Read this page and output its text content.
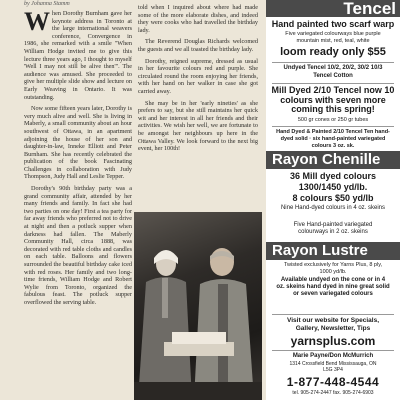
by Johanna Stamm

When Dorothy Burnham gave her keynote address in Toronto at the large international weavers conference, Convergence in 1986, she remarked with a smile "When William Hodge invited me to give this lecture three years ago, I thought to myself 'Well I may not still be alive then'". The audience was amused. She proceeded to give her multiple slide show and lecture on Early Weaving in Ontario. It was outstanding.

Now some fifteen years later, Dorothy is very much alive and well. She is living in Maberly, a small community about an hour southwest of Ottawa, in an apartment adjoining the house of her son and daughter-in-law, Inneke Elliott and Peter Burnham. She has recently celebrated the publication of the book Fascinating Challenges in collaboration with Judy Thompson, Judy Hall and Leslie Tepper.

Dorothy's 90th birthday party was a grand community affair, attended by her many friends and family. In fact she had two parties on one day! First a tea party for far away friends who preferred not to drive at night and then a potluck supper when darkness had fallen. The Maberly Community Hall, circa 1888, was decorated with red table cloths and candles on each table. Balloons and flowers surrounded the beautiful birthday cake iced with red roses. Her family and two long-time friends, William Hodge and Robert Wylie from Toronto, organized the fabulous feast. The potluck supper overflowed the serving table.

told when I inquired about where had made some of the more elaborate dishes, and indeed they were cooks who had travelled the birthday lady.

The Reverend Douglas Richards welcomed the guests and we all toasted the birthday lady.

Dorothy, reigned supreme, dressed as usual in her favourite colours red and purple. She circulated round the room enjoying her friends, with her hand on her walker in case she got carried away.

She may be in her 'early nineties' as she prefers to say, but she still maintains her quick wit and her interest in all her friends and their activities. We wish her well, we are fortunate to be amongst her neighbours up here in the Ottawa Valley. We look forward to the next big event, her 100th!

Tencel
Hand painted two scarf warp
Five variegated colourways blue purple mountain mist, red, teal, white
loom ready only $55
Undyed Tencel 10/2, 20/2, 30/2 10/3 Tencel Cotton
Mill Dyed 2/10 Tencel now 10 colours with seven more coming this spring!
500 gr cones or 250 gr tubes
Hand Dyed & Painted 2/10 Tencel Ten hand-dyed solid · six hand-painted variegated colours 3 oz. sk.
Rayon Chenille
36 Mill dyed colours
1300/1450 yd/lb.
8 colours $50 yd/lb
Nine Hand-dyed colours in 4 oz. skeins
Five Hand-painted variegated colourways in 2 oz. skeins
Rayon Lustre
Twisted exclusively for Yarns Plus, 8 ply, 1000 yd/lb.
Available undyed on the cone or in 4 oz. skeins hand dyed in nine great solid or seven variegated colours
Visit our website for Specials, Gallery, Newsletter, Tips
yarnsplus.com
Marie Payne/Don McMurrich
1314 Crossfield Bend Mississauga, ON L5G 3P4
1-877-448-4544
tel. 905-274-2447 fax. 905-274-6903
